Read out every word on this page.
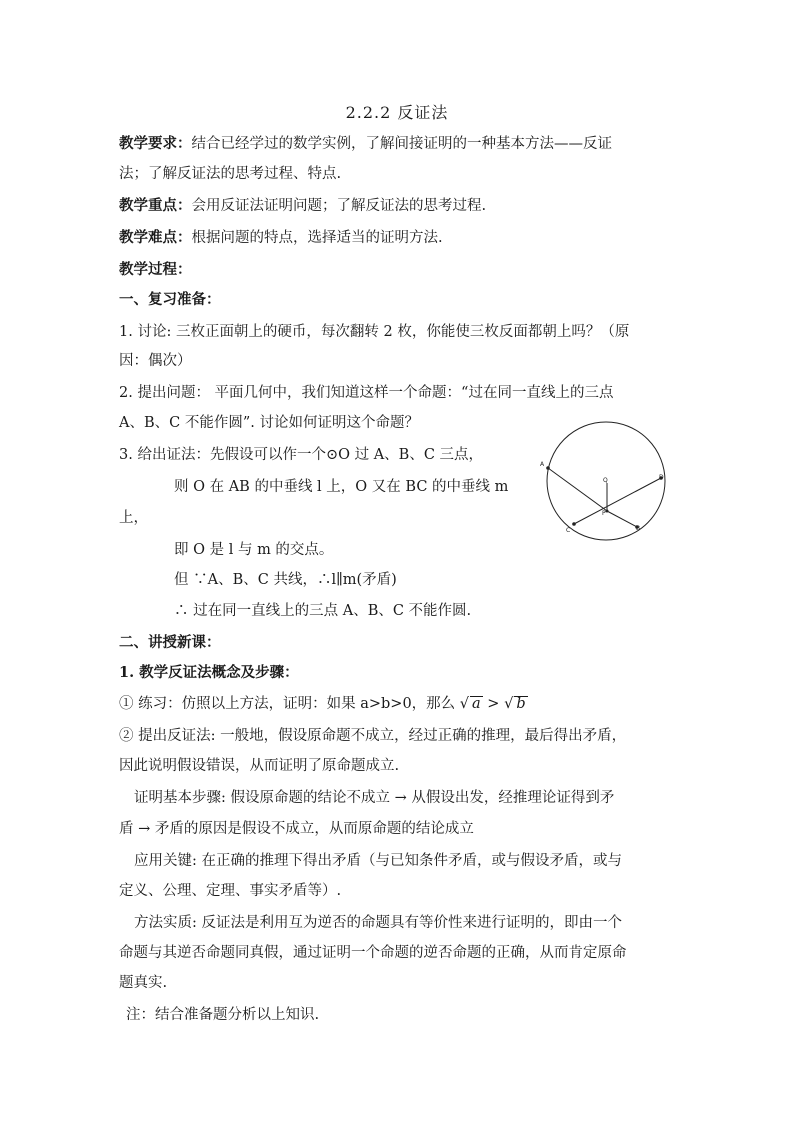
2.2.2 反证法
教学要求：结合已经学过的数学实例，了解间接证明的一种基本方法——反证
法；了解反证法的思考过程、特点.
教学重点：会用反证法证明问题；了解反证法的思考过程.
教学难点：根据问题的特点，选择适当的证明方法.
教学过程：
一、复习准备：
1. 讨论: 三枚正面朝上的硬币，每次翻转 2 枚，你能使三枚反面都朝上吗？（原
因：偶次）
2. 提出问题： 平面几何中，我们知道这样一个命题：“过在同一直线上的三点
A、B、C 不能作圆”. 讨论如何证明这个命题？
3. 给出证法：先假设可以作一个⊙O 过 A、B、C 三点，
则 O 在 AB 的中垂线 l 上，O 又在 BC 的中垂线 m
上，
即 O 是 l 与 m 的交点。
但 ∵A、B、C 共线，∴l∥m(矛盾)
∴ 过在同一直线上的三点 A、B、C 不能作圆.
二、讲授新课：
1. 教学反证法概念及步骤：
① 练习：仿照以上方法，证明：如果 a>b>0，那么 √ a > √ b
② 提出反证法: 一般地，假设原命题不成立，经过正确的推理，最后得出矛盾，
因此说明假设错误，从而证明了原命题成立.
证明基本步骤: 假设原命题的结论不成立 → 从假设出发，经推理论证得到矛
盾 → 矛盾的原因是假设不成立，从而原命题的结论成立
应用关键: 在正确的推理下得出矛盾（与已知条件矛盾，或与假设矛盾，或与
定义、公理、定理、事实矛盾等）.
方法实质: 反证法是利用互为逆否的命题具有等价性来进行证明的，即由一个
命题与其逆否命题同真假，通过证明一个命题的逆否命题的正确，从而肯定原命
题真实.
注：结合准备题分析以上知识.
A
C
D
B
P
Q
